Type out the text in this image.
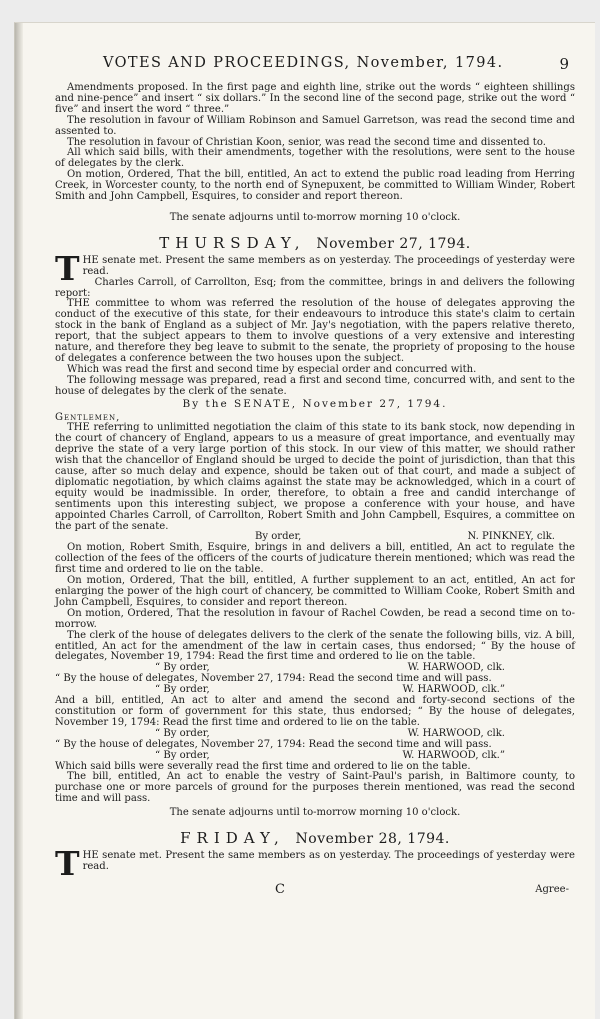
VOTES AND PROCEEDINGS, November, 1794.	9

Amendments proposed. In the first page and eighth line, strike out the words “ eighteen shillings and nine-pence” and insert “ six dollars.” In the second line of the second page, strike out the word “ five” and insert the word “ three.”

The resolution in favour of William Robinson and Samuel Garretson, was read the second time and assented to.

The resolution in favour of Christian Koon, senior, was read the second time and dissented to.

All which said bills, with their amendments, together with the resolutions, were sent to the house of delegates by the clerk.

On motion, Ordered, That the bill, entitled, An act to extend the public road leading from Herring Creek, in Worcester county, to the north end of Synepuxent, be committed to William Winder, Robert Smith and John Campbell, Esquires, to consider and report thereon.

The senate adjourns until to-morrow morning 10 o'clock.

THURSDAY, November 27, 1794.

THE senate met. Present the same members as on yesterday. The proceedings of yesterday were read.

Charles Carroll, of Carrollton, Esq; from the committee, brings in and delivers the following report:

THE committee to whom was referred the resolution of the house of delegates approving the conduct of the executive of this state, for their endeavours to introduce this state's claim to certain stock in the bank of England as a subject of Mr. Jay's negotiation, with the papers relative thereto, report, that the subject appears to them to involve questions of a very extensive and interesting nature, and therefore they beg leave to submit to the senate, the propriety of proposing to the house of delegates a conference between the two houses upon the subject.

Which was read the first and second time by especial order and concurred with.

The following message was prepared, read a first and second time, concurred with, and sent to the house of delegates by the clerk of the senate.

By the SENATE, November 27, 1794.
Gentlemen,

THE referring to unlimitted negotiation the claim of this state to its bank stock, now depending in the court of chancery of England, appears to us a measure of great importance, and eventually may deprive the state of a very large portion of this stock. In our view of this matter, we should rather wish that the chancellor of England should be urged to decide the point of jurisdiction, than that this cause, after so much delay and expence, should be taken out of that court, and made a subject of diplomatic negotiation, by which claims against the state may be acknowledged, which in a court of equity would be inadmissible. In order, therefore, to obtain a free and candid interchange of sentiments upon this interesting subject, we propose a conference with your house, and have appointed Charles Carroll, of Carrollton, Robert Smith and John Campbell, Esquires, a committee on the part of the senate.

By order,	N. PINKNEY, clk.

On motion, Robert Smith, Esquire, brings in and delivers a bill, entitled, An act to regulate the collection of the fees of the officers of the courts of judicature therein mentioned; which was read the first time and ordered to lie on the table.

On motion, Ordered, That the bill, entitled, A further supplement to an act, entitled, An act for enlarging the power of the high court of chancery, be committed to William Cooke, Robert Smith and John Campbell, Esquires, to consider and report thereon.

On motion, Ordered, That the resolution in favour of Rachel Cowden, be read a second time on to-morrow.

The clerk of the house of delegates delivers to the clerk of the senate the following bills, viz. A bill, entitled, An act for the amendment of the law in certain cases, thus endorsed; “ By the house of delegates, November 19, 1794: Read the first time and ordered to lie on the table.

“ By order,	W. HARWOOD, clk.

“ By the house of delegates, November 27, 1794: Read the second time and will pass.

“ By order,	W. HARWOOD, clk.”

And a bill, entitled, An act to alter and amend the second and forty-second sections of the constitution or form of government for this state, thus endorsed; “ By the house of delegates, November 19, 1794: Read the first time and ordered to lie on the table.

“ By order,	W. HARWOOD, clk.

“ By the house of delegates, November 27, 1794: Read the second time and will pass.

“ By order,	W. HARWOOD, clk.”

Which said bills were severally read the first time and ordered to lie on the table.

The bill, entitled, An act to enable the vestry of Saint-Paul's parish, in Baltimore county, to purchase one or more parcels of ground for the purposes therein mentioned, was read the second time and will pass.

The senate adjourns until to-morrow morning 10 o'clock.

FRIDAY, November 28, 1794.

THE senate met. Present the same members as on yesterday. The proceedings of yesterday were read.

C	Agree-
